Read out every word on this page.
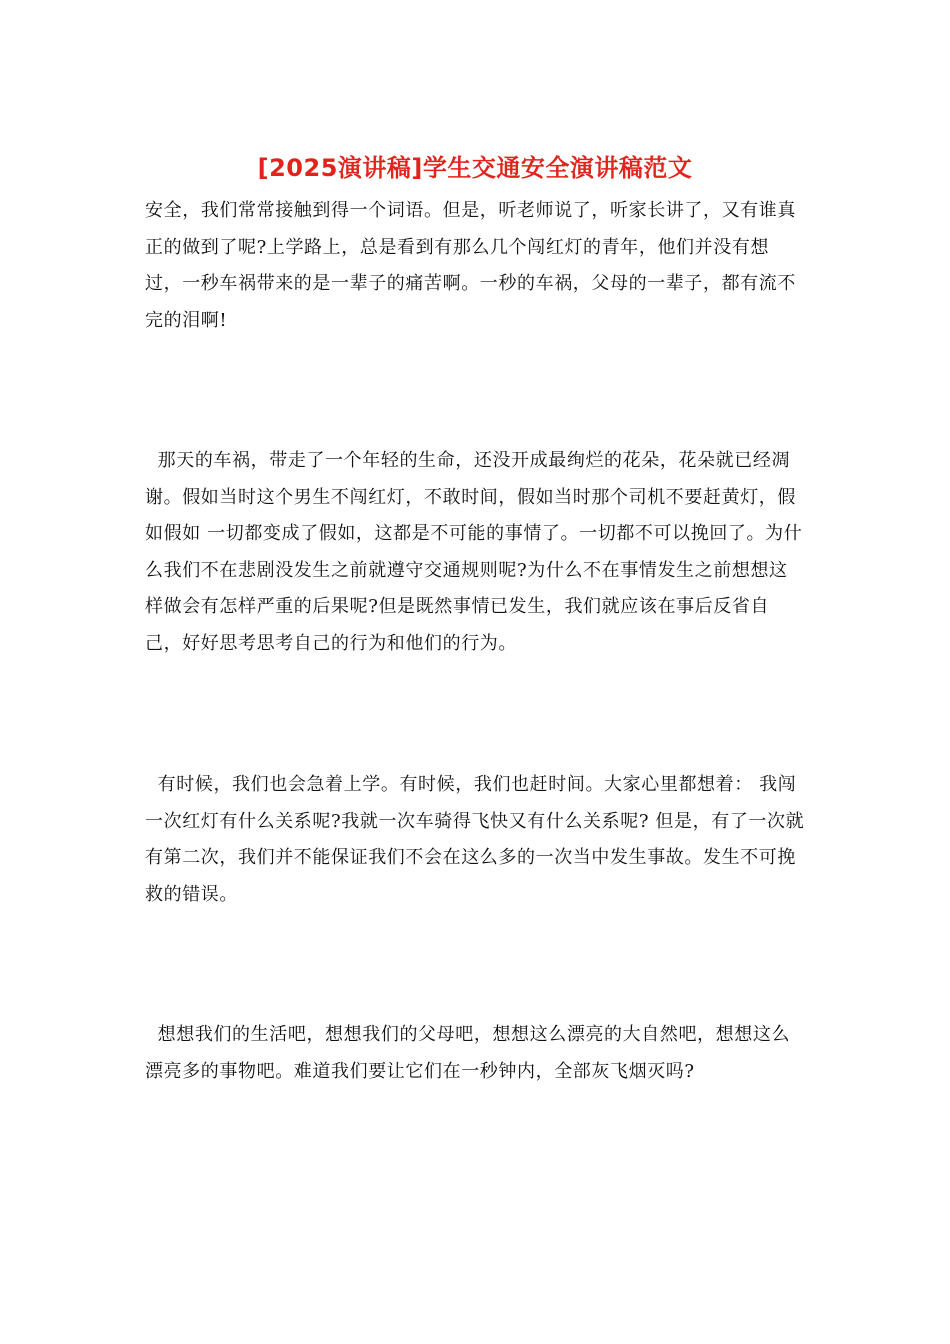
[2025演讲稿]学生交通安全演讲稿范文
安全，我们常常接触到得一个词语。但是，听老师说了，听家长讲了，又有谁真正的做到了呢?上学路上，总是看到有那么几个闯红灯的青年，他们并没有想过，一秒车祸带来的是一辈子的痛苦啊。一秒的车祸，父母的一辈子，都有流不完的泪啊!
那天的车祸，带走了一个年轻的生命，还没开成最绚烂的花朵，花朵就已经凋谢。假如当时这个男生不闯红灯，不敢时间，假如当时那个司机不要赶黄灯，假如假如 一切都变成了假如，这都是不可能的事情了。一切都不可以挽回了。为什么我们不在悲剧没发生之前就遵守交通规则呢?为什么不在事情发生之前想想这样做会有怎样严重的后果呢?但是既然事情已发生，我们就应该在事后反省自己，好好思考思考自己的行为和他们的行为。
有时候，我们也会急着上学。有时候，我们也赶时间。大家心里都想着： 我闯一次红灯有什么关系呢?我就一次车骑得飞快又有什么关系呢? 但是，有了一次就有第二次，我们并不能保证我们不会在这么多的一次当中发生事故。发生不可挽救的错误。
想想我们的生活吧，想想我们的父母吧，想想这么漂亮的大自然吧，想想这么漂亮多的事物吧。难道我们要让它们在一秒钟内，全部灰飞烟灭吗?
